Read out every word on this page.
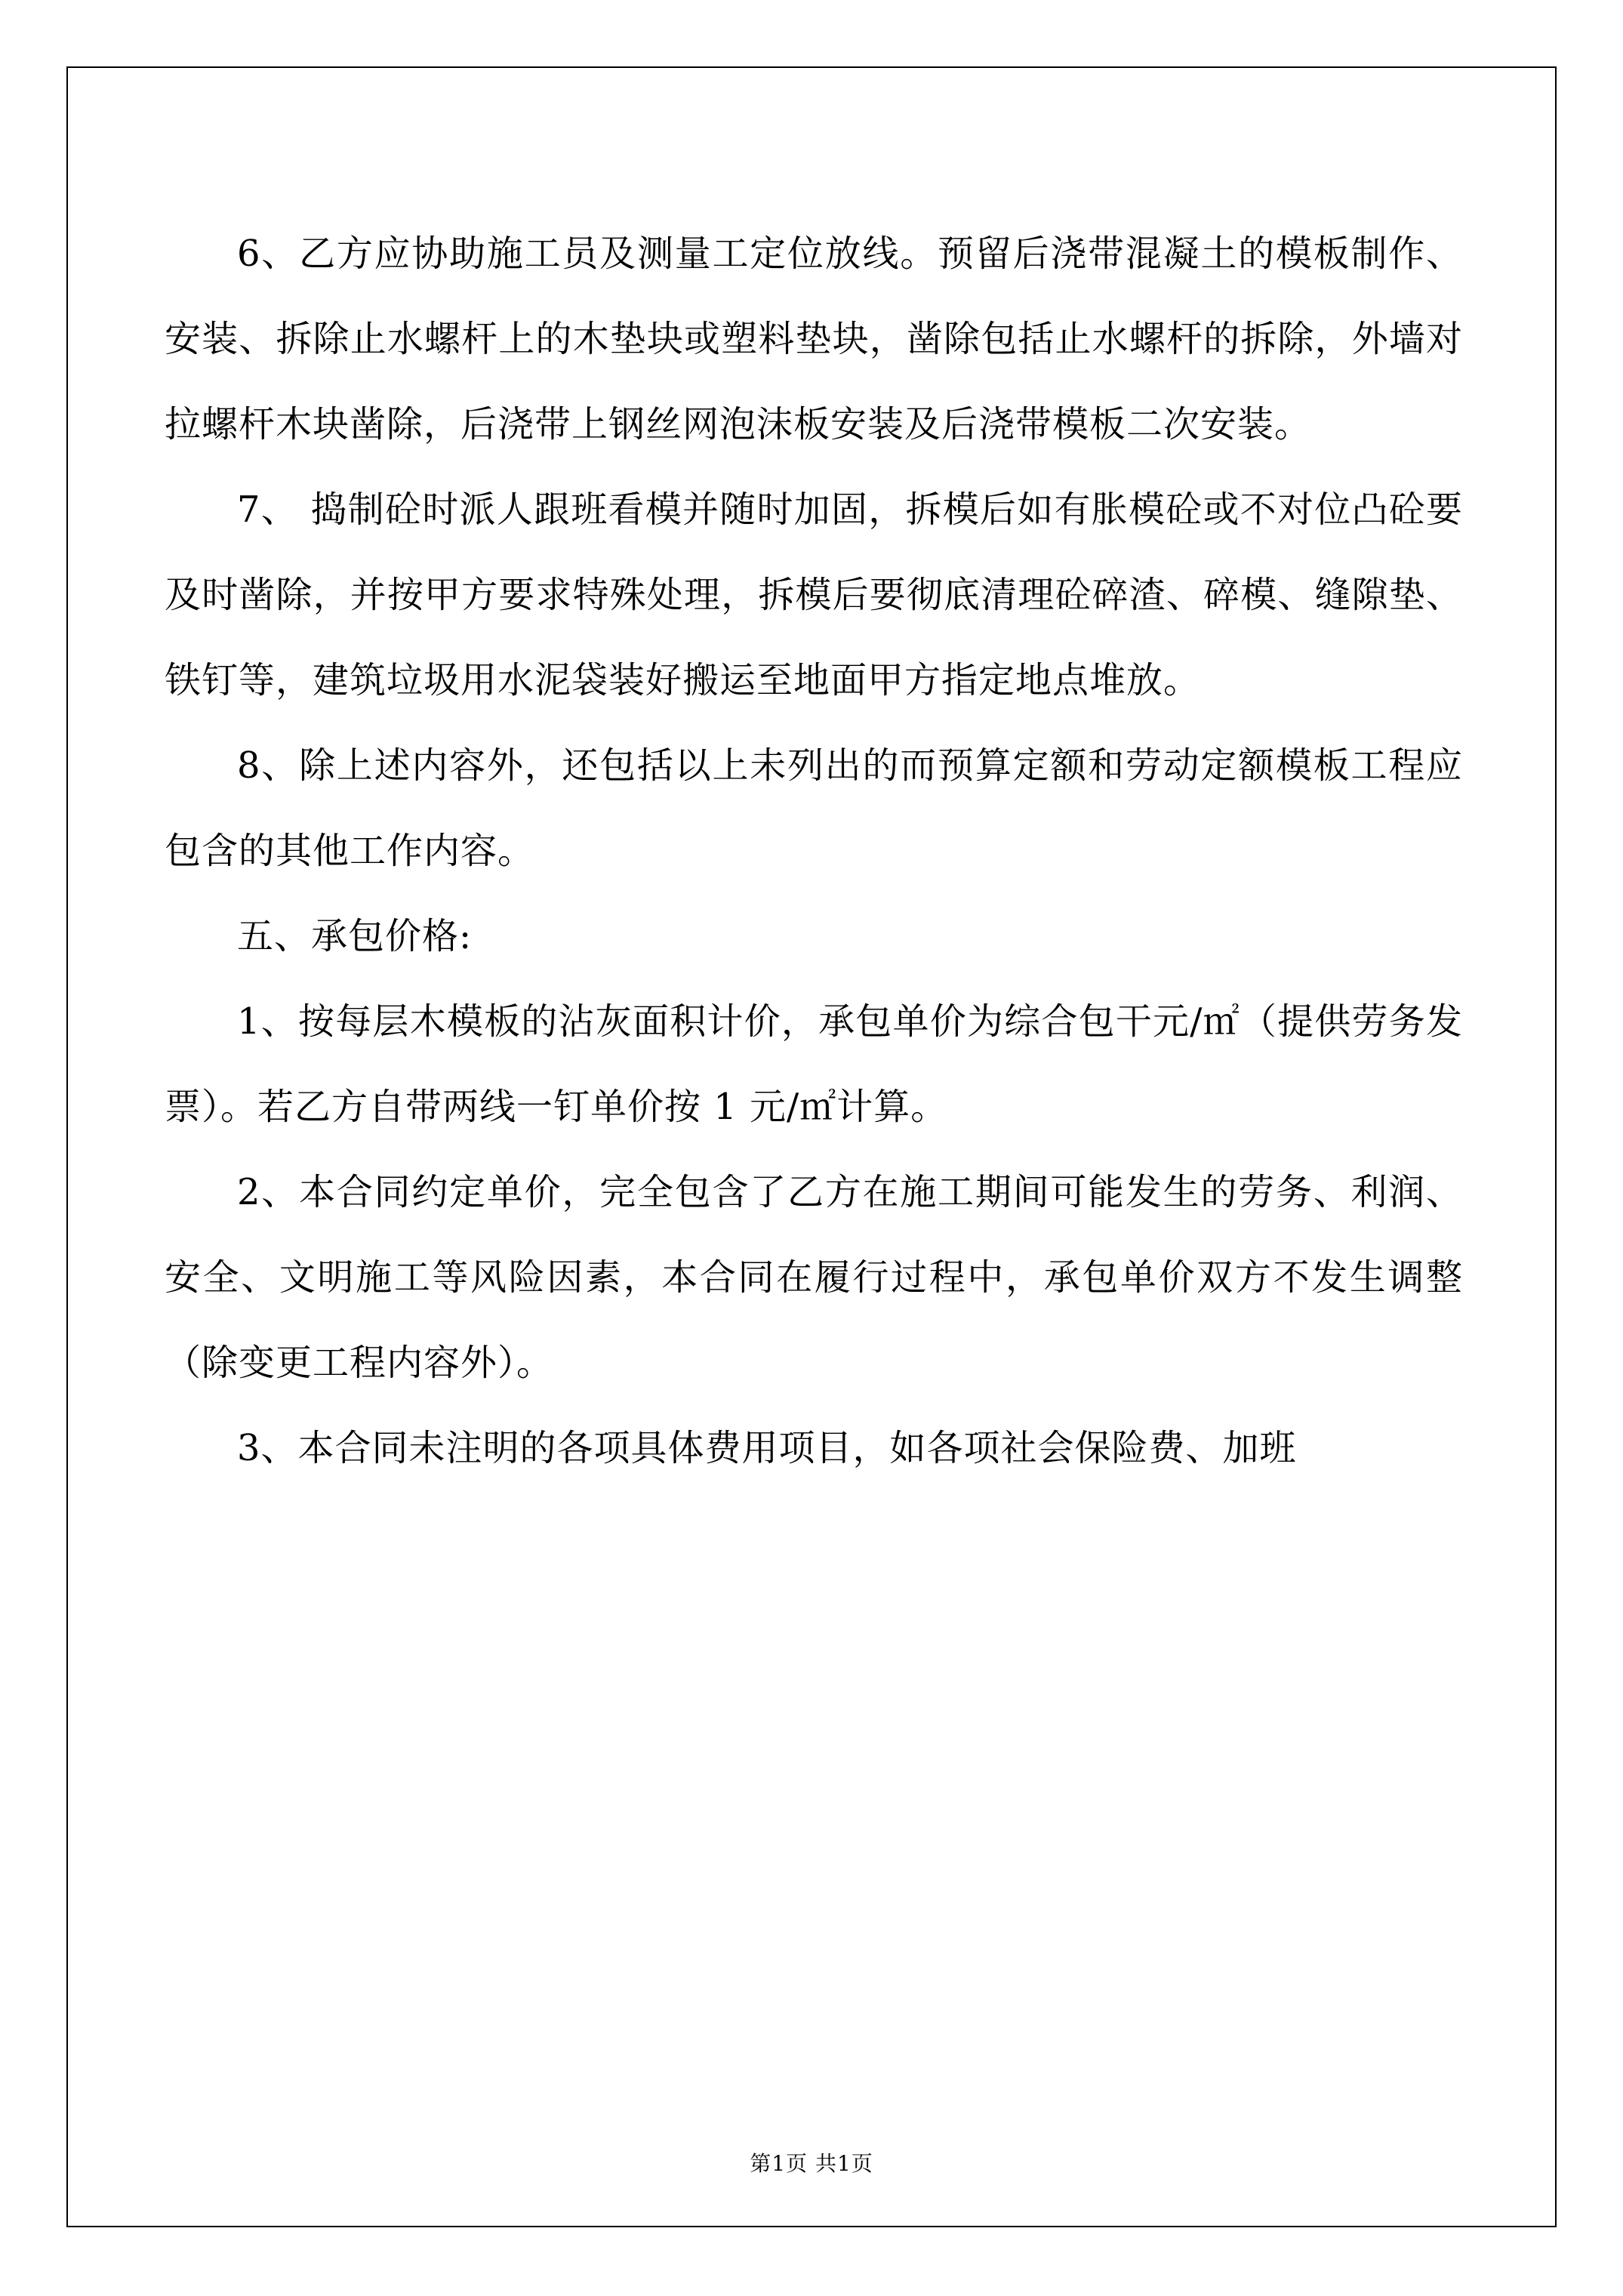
6、乙方应协助施工员及测量工定位放线。预留后浇带混凝土的模板制作、安装、拆除止水螺杆上的木垫块或塑料垫块，凿除包括止水螺杆的拆除，外墙对拉螺杆木块凿除，后浇带上钢丝网泡沫板安装及后浇带模板二次安装。

7、 捣制砼时派人跟班看模并随时加固，拆模后如有胀模砼或不对位凸砼要及时凿除，并按甲方要求特殊处理，拆模后要彻底清理砼碎渣、碎模、缝隙垫、铁钉等，建筑垃圾用水泥袋装好搬运至地面甲方指定地点堆放。

8、除上述内容外，还包括以上未列出的而预算定额和劳动定额模板工程应包含的其他工作内容。

五、承包价格:

1、按每层木模板的沾灰面积计价，承包单价为综合包干元/㎡（提供劳务发票）。若乙方自带两线一钉单价按 1 元/㎡计算。

2、本合同约定单价，完全包含了乙方在施工期间可能发生的劳务、利润、安全、文明施工等风险因素，本合同在履行过程中，承包单价双方不发生调整（除变更工程内容外）。

3、本合同未注明的各项具体费用项目，如各项社会保险费、加班

第1页 共1页
